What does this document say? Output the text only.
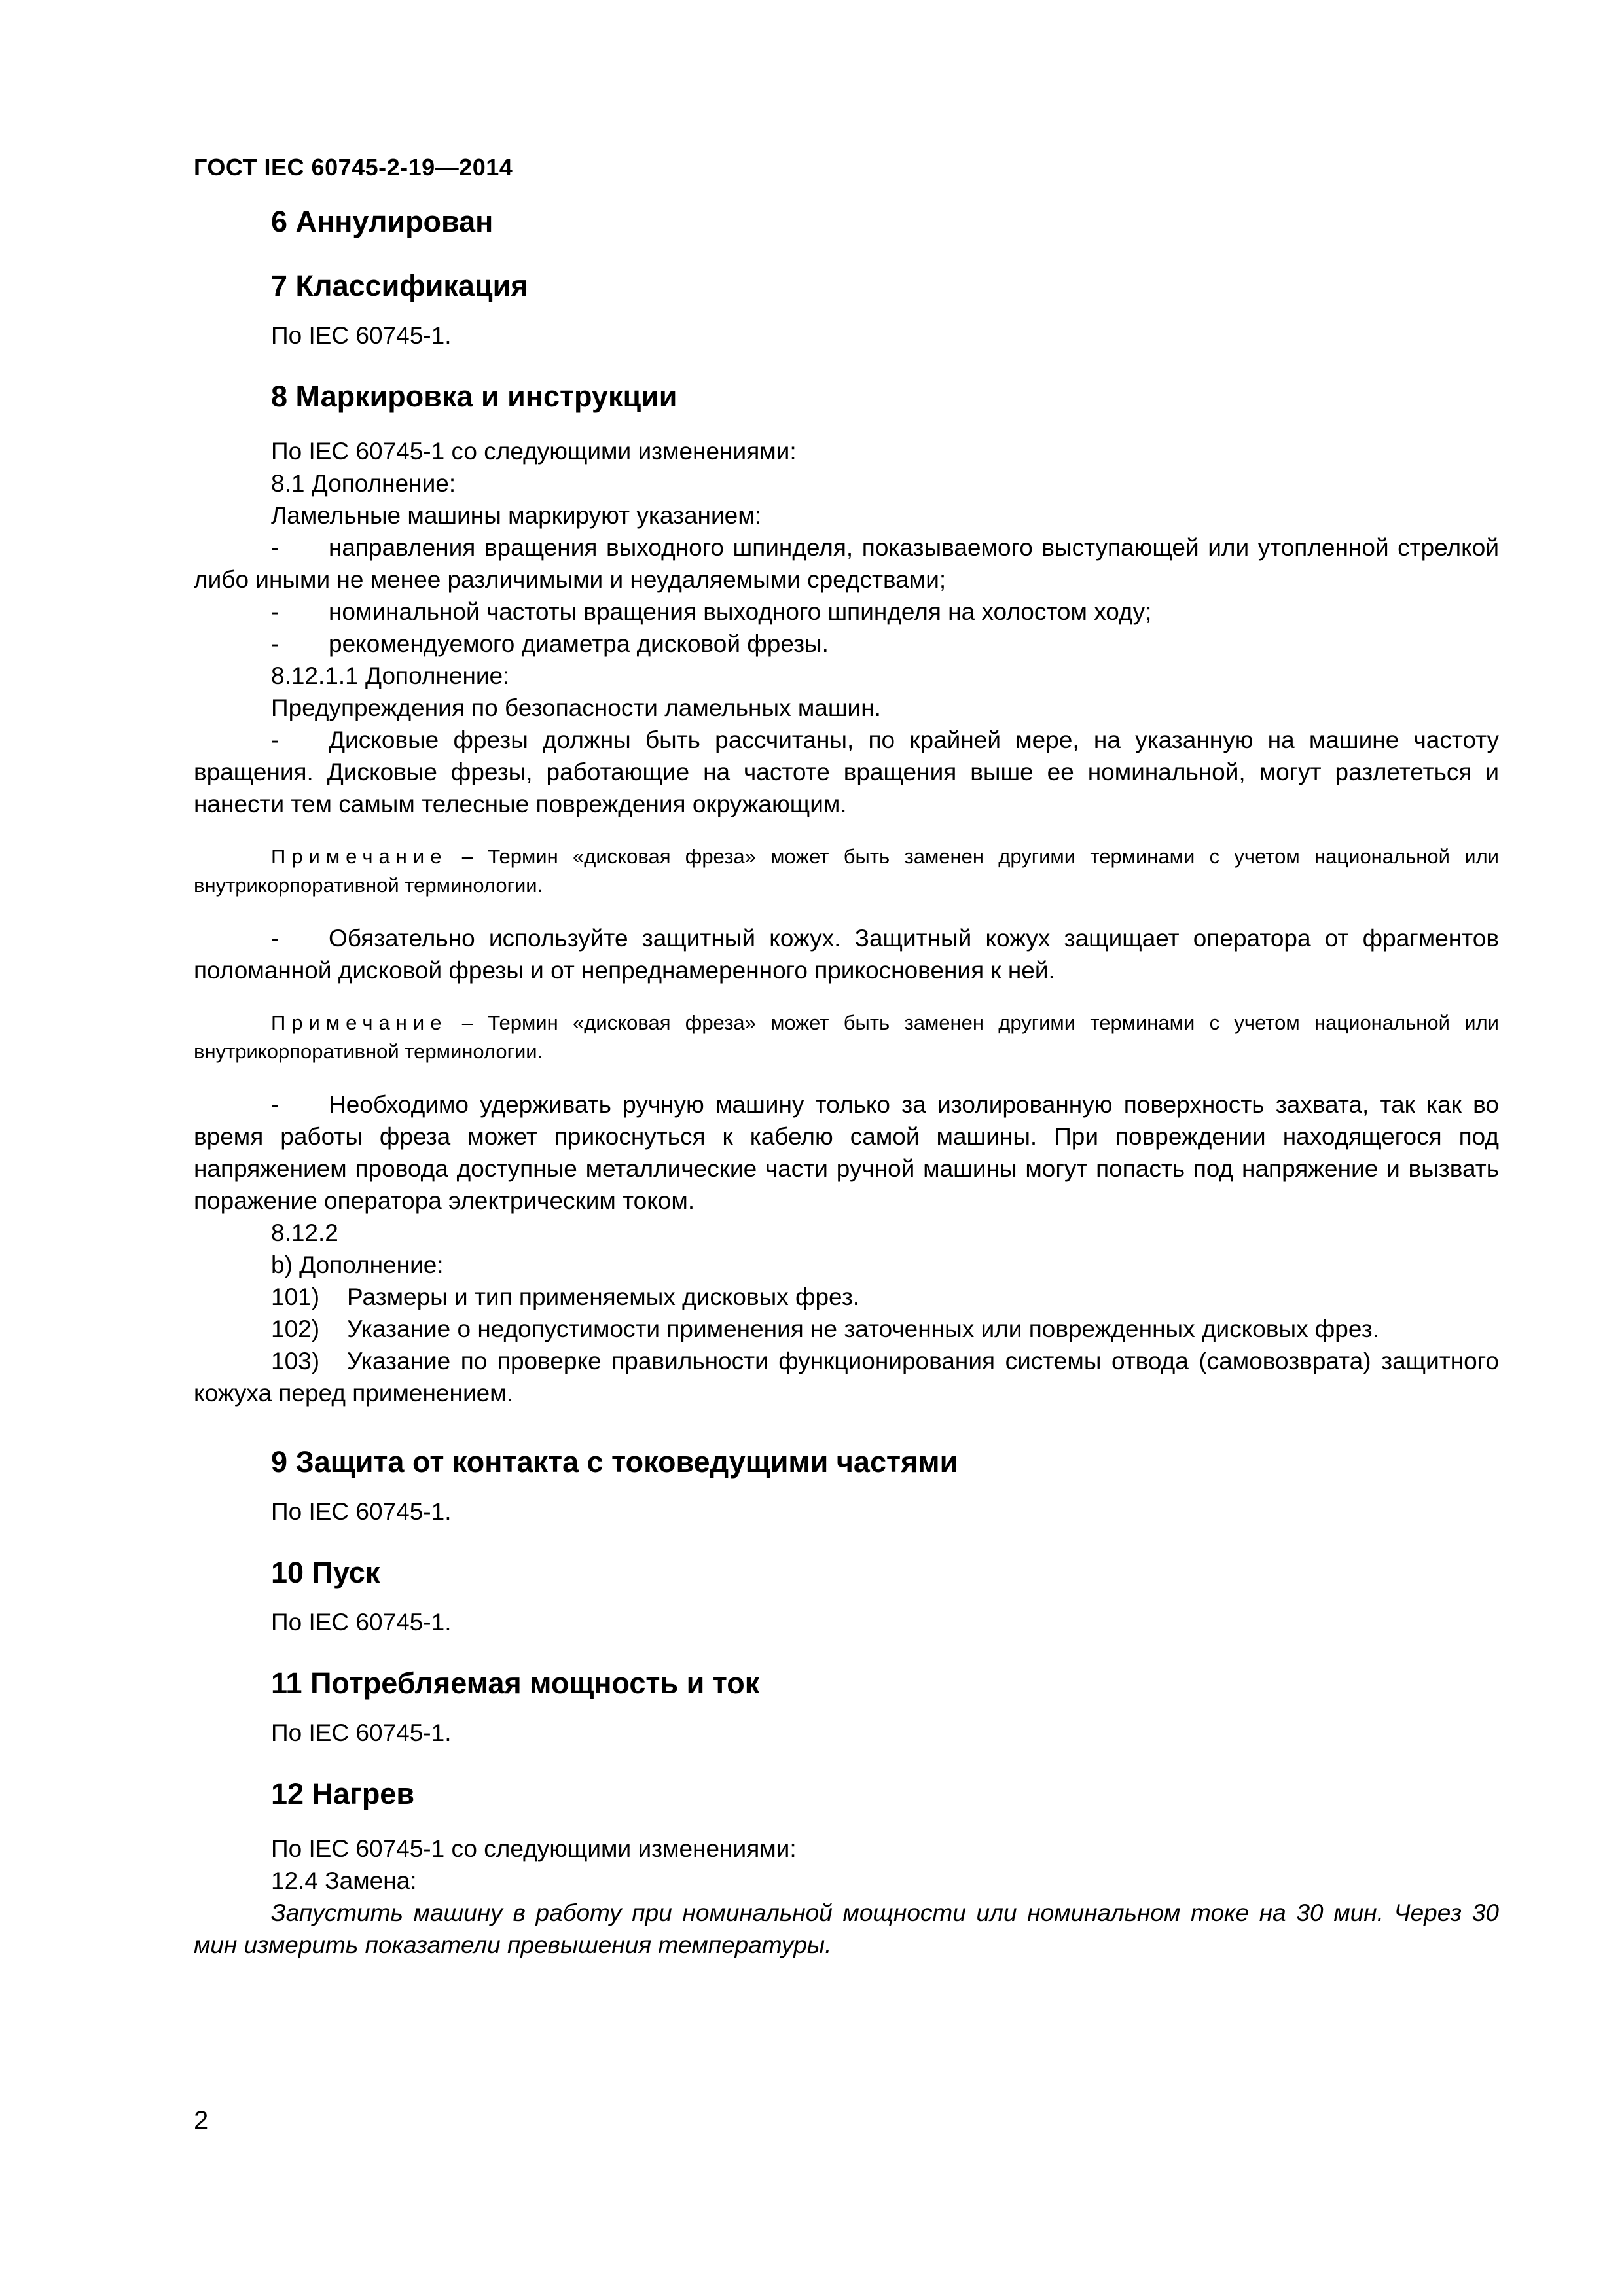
ГОСТ IEC 60745-2-19—2014
6 Аннулирован
7 Классификация

По IEC 60745-1.

8 Маркировка и инструкции

По IEC 60745-1 со следующими изменениями:

8.1 Дополнение:

Ламельные машины маркируют указанием:

- направления вращения выходного шпинделя, показываемого выступающей или утопленной стрелкой либо иными не менее различимыми и неудаляемыми средствами;

- номинальной частоты вращения выходного шпинделя на холостом ходу;

- рекомендуемого диаметра дисковой фрезы.

8.12.1.1 Дополнение:

Предупреждения по безопасности ламельных машин.

- Дисковые фрезы должны быть рассчитаны, по крайней мере, на указанную на машине частоту вращения. Дисковые фрезы, работающие на частоте вращения выше ее номинальной, могут разлететься и нанести тем самым телесные повреждения окружающим.

Примечание – Термин «дисковая фреза» может быть заменен другими терминами с учетом национальной или внутрикорпоративной терминологии.

- Обязательно используйте защитный кожух. Защитный кожух защищает оператора от фрагментов поломанной дисковой фрезы и от непреднамеренного прикосновения к ней.

Примечание – Термин «дисковая фреза» может быть заменен другими терминами с учетом национальной или внутрикорпоративной терминологии.

- Необходимо удерживать ручную машину только за изолированную поверхность захвата, так как во время работы фреза может прикоснуться к кабелю самой машины. При повреждении находящегося под напряжением провода доступные металлические части ручной машины могут попасть под напряжение и вызвать поражение оператора электрическим током.

8.12.2

b) Дополнение:

101) Размеры и тип применяемых дисковых фрез.

102) Указание о недопустимости применения не заточенных или поврежденных дисковых фрез.

103) Указание по проверке правильности функционирования системы отвода (самовозврата) защитного кожуха перед применением.

9 Защита от контакта с токоведущими частями

По IEC 60745-1.

10 Пуск

По IEC 60745-1.

11 Потребляемая мощность и ток

По IEC 60745-1.

12 Нагрев

По IEC 60745-1 со следующими изменениями:

12.4 Замена:

Запустить машину в работу при номинальной мощности или номинальном токе на 30 мин. Через 30 мин измерить показатели превышения температуры.

2
